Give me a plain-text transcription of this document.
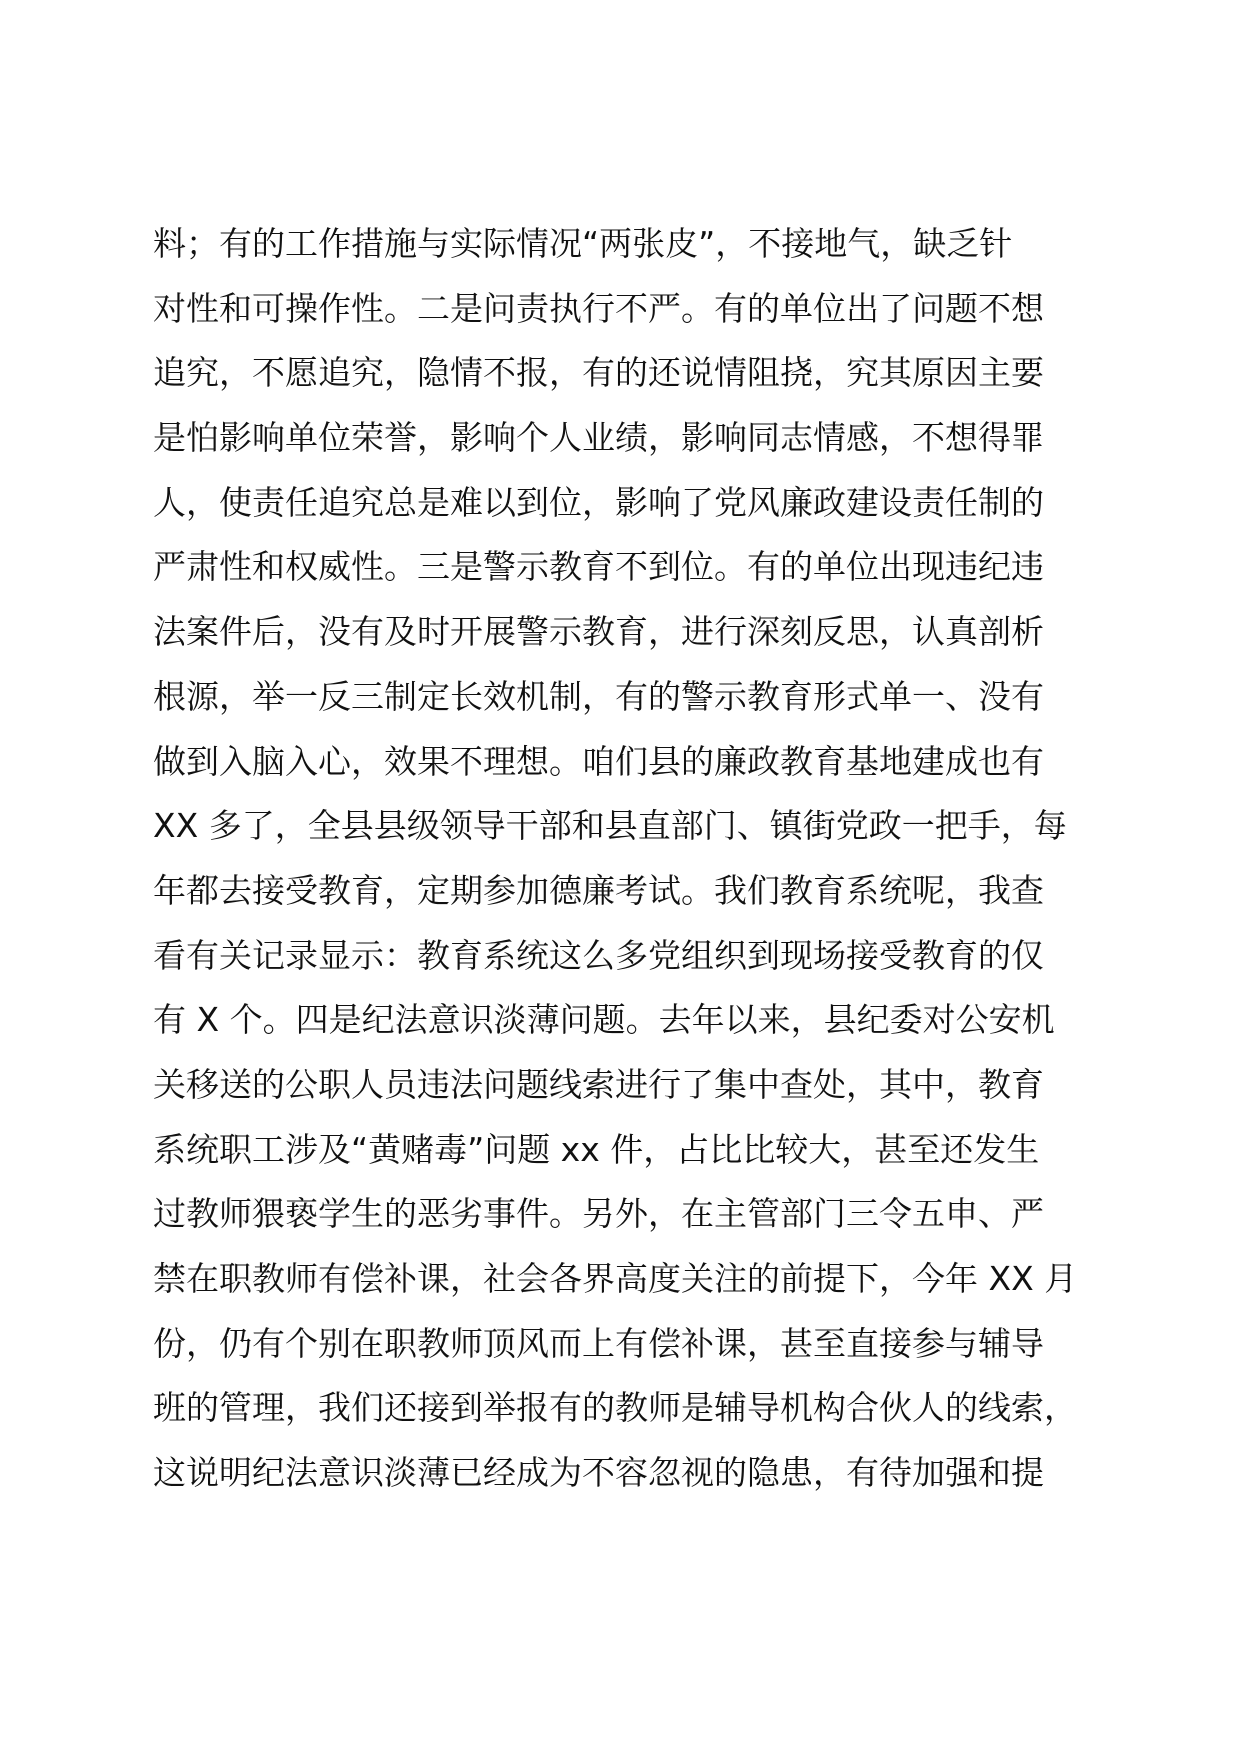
料；有的工作措施与实际情况“两张皮”，不接地气，缺乏针
对性和可操作性。二是问责执行不严。有的单位出了问题不想
追究，不愿追究，隐情不报，有的还说情阻挠，究其原因主要
是怕影响单位荣誉，影响个人业绩，影响同志情感，不想得罪
人，使责任追究总是难以到位，影响了党风廉政建设责任制的
严肃性和权威性。三是警示教育不到位。有的单位出现违纪违
法案件后，没有及时开展警示教育，进行深刻反思，认真剖析
根源，举一反三制定长效机制，有的警示教育形式单一、没有
做到入脑入心，效果不理想。咱们县的廉政教育基地建成也有
XX 多了，全县县级领导干部和县直部门、镇街党政一把手，每
年都去接受教育，定期参加德廉考试。我们教育系统呢，我查
看有关记录显示：教育系统这么多党组织到现场接受教育的仅
有 X 个。四是纪法意识淡薄问题。去年以来，县纪委对公安机
关移送的公职人员违法问题线索进行了集中查处，其中，教育
系统职工涉及“黄赌毒”问题 xx 件，占比比较大，甚至还发生
过教师猥亵学生的恶劣事件。另外，在主管部门三令五申、严
禁在职教师有偿补课，社会各界高度关注的前提下，今年 XX 月
份，仍有个别在职教师顶风而上有偿补课，甚至直接参与辅导
班的管理，我们还接到举报有的教师是辅导机构合伙人的线索，
这说明纪法意识淡薄已经成为不容忽视的隐患，有待加强和提
